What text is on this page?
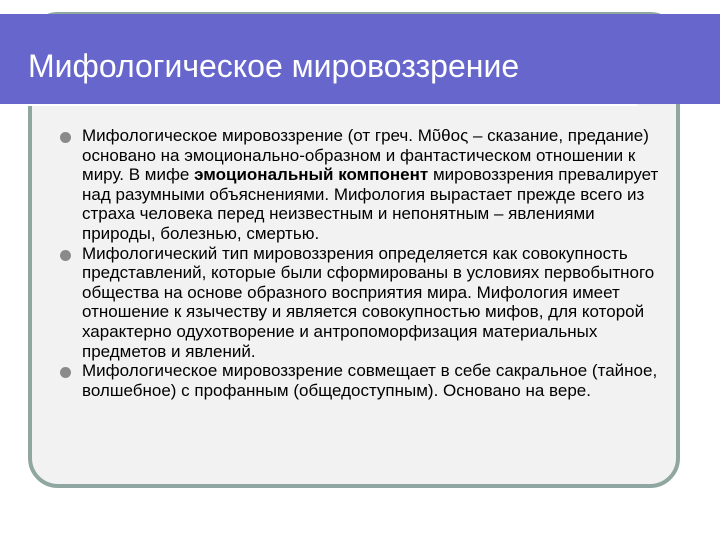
Мифологическое мировоззрение
Мифологическое мировоззрение (от греч. Μῦθος – сказание, предание) основано на эмоционально-образном и фантастическом отношении к миру. В мифе эмоциональный компонент мировоззрения превалирует над разумными объяснениями. Мифология вырастает прежде всего из страха человека перед неизвестным и непонятным – явлениями природы, болезнью, смертью.
Мифологический тип мировоззрения определяется как совокупность представлений, которые были сформированы в условиях первобытного общества на основе образного восприятия мира. Мифология имеет отношение к язычеству и является совокупностью мифов, для которой характерно одухотворение и антропоморфизация материальных предметов и явлений.
Мифологическое мировоззрение совмещает в себе сакральное (тайное, волшебное) с профанным (общедоступным). Основано на вере.
